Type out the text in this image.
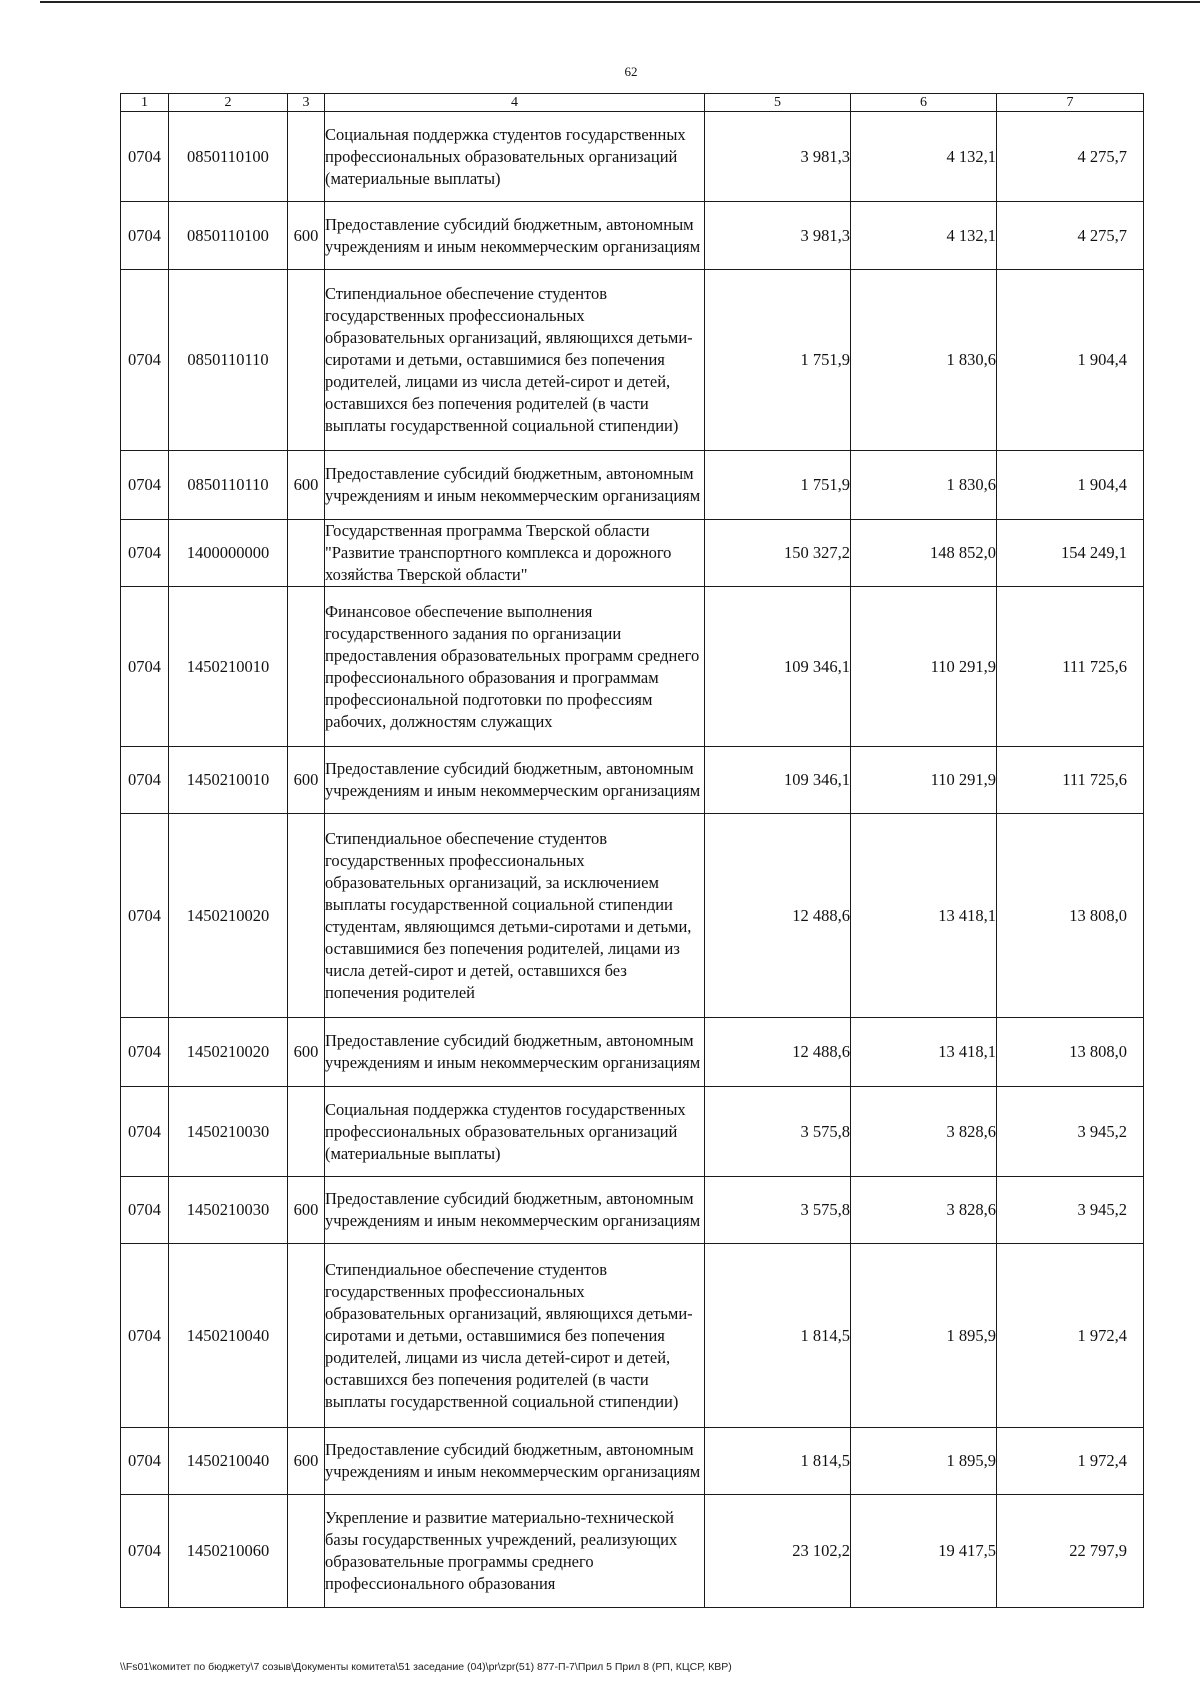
62
1	2	3	4	5	6	7
0704	0850110100		Социальная поддержка студентов государственных профессиональных образовательных организаций (материальные выплаты)	3 981,3	4 132,1	4 275,7
0704	0850110100	600	Предоставление субсидий бюджетным, автономным учреждениям и иным некоммерческим организациям	3 981,3	4 132,1	4 275,7
0704	0850110110		Стипендиальное обеспечение студентов государственных профессиональных образовательных организаций, являющихся детьми-сиротами и детьми, оставшимися без попечения родителей, лицами из числа детей-сирот и детей, оставшихся без попечения родителей (в части выплаты государственной социальной стипендии)	1 751,9	1 830,6	1 904,4
0704	0850110110	600	Предоставление субсидий бюджетным, автономным учреждениям и иным некоммерческим организациям	1 751,9	1 830,6	1 904,4
0704	1400000000		Государственная программа Тверской области "Развитие транспортного комплекса и дорожного хозяйства Тверской области"	150 327,2	148 852,0	154 249,1
0704	1450210010		Финансовое обеспечение выполнения государственного задания по организации предоставления образовательных программ среднего профессионального образования и программам профессиональной подготовки по профессиям рабочих, должностям служащих	109 346,1	110 291,9	111 725,6
0704	1450210010	600	Предоставление субсидий бюджетным, автономным учреждениям и иным некоммерческим организациям	109 346,1	110 291,9	111 725,6
0704	1450210020		Стипендиальное обеспечение студентов государственных профессиональных образовательных организаций, за исключением выплаты государственной социальной стипендии студентам, являющимся детьми-сиротами и детьми, оставшимися без попечения родителей, лицами из числа детей-сирот и детей, оставшихся без попечения родителей	12 488,6	13 418,1	13 808,0
0704	1450210020	600	Предоставление субсидий бюджетным, автономным учреждениям и иным некоммерческим организациям	12 488,6	13 418,1	13 808,0
0704	1450210030		Социальная поддержка студентов государственных профессиональных образовательных организаций (материальные выплаты)	3 575,8	3 828,6	3 945,2
0704	1450210030	600	Предоставление субсидий бюджетным, автономным учреждениям и иным некоммерческим организациям	3 575,8	3 828,6	3 945,2
0704	1450210040		Стипендиальное обеспечение студентов государственных профессиональных образовательных организаций, являющихся детьми-сиротами и детьми, оставшимися без попечения родителей, лицами из числа детей-сирот и детей, оставшихся без попечения родителей (в части выплаты государственной социальной стипендии)	1 814,5	1 895,9	1 972,4
0704	1450210040	600	Предоставление субсидий бюджетным, автономным учреждениям и иным некоммерческим организациям	1 814,5	1 895,9	1 972,4
0704	1450210060		Укрепление и развитие материально-технической базы государственных учреждений, реализующих образовательные программы среднего профессионального образования	23 102,2	19 417,5	22 797,9
\\Fs01\комитет по бюджету\7 созыв\Документы комитета\51 заседание (04)\pr\zpr(51) 877-П-7\Прил 5 Прил 8 (РП, КЦСР, КВР)
